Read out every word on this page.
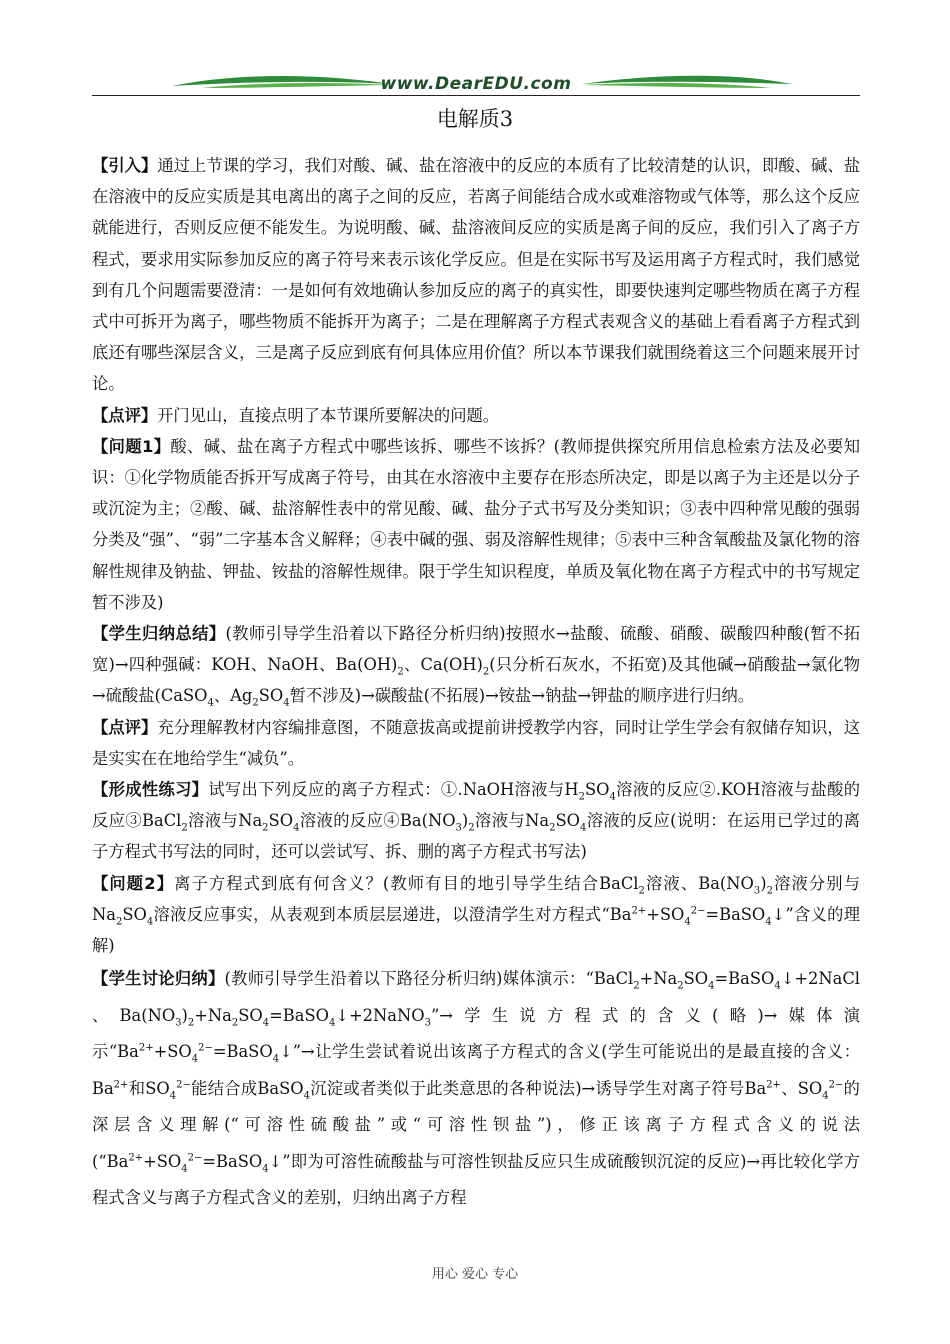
www.DearEDU.com
电解质3

【引入】通过上节课的学习，我们对酸、碱、盐在溶液中的反应的本质有了比较清楚的认识，即酸、碱、盐在溶液中的反应实质是其电离出的离子之间的反应，若离子间能结合成水或难溶物或气体等，那么这个反应就能进行，否则反应便不能发生。为说明酸、碱、盐溶液间反应的实质是离子间的反应，我们引入了离子方程式，要求用实际参加反应的离子符号来表示该化学反应。但是在实际书写及运用离子方程式时，我们感觉到有几个问题需要澄清：一是如何有效地确认参加反应的离子的真实性，即要快速判定哪些物质在离子方程式中可拆开为离子，哪些物质不能拆开为离子；二是在理解离子方程式表观含义的基础上看看离子方程式到底还有哪些深层含义，三是离子反应到底有何具体应用价值？所以本节课我们就围绕着这三个问题来展开讨论。

【点评】开门见山，直接点明了本节课所要解决的问题。

【问题1】酸、碱、盐在离子方程式中哪些该拆、哪些不该拆？(教师提供探究所用信息检索方法及必要知识：①化学物质能否拆开写成离子符号，由其在水溶液中主要存在形态所决定，即是以离子为主还是以分子或沉淀为主；②酸、碱、盐溶解性表中的常见酸、碱、盐分子式书写及分类知识；③表中四种常见酸的强弱分类及“强”、“弱”二字基本含义解释；④表中碱的强、弱及溶解性规律；⑤表中三种含氧酸盐及氯化物的溶解性规律及钠盐、钾盐、铵盐的溶解性规律。限于学生知识程度，单质及氧化物在离子方程式中的书写规定暂不涉及)

【学生归纳总结】(教师引导学生沿着以下路径分析归纳)按照水→盐酸、硫酸、硝酸、碳酸四种酸(暂不拓宽)→四种强碱：KOH、NaOH、$Ba(OH)_2$、$Ca(OH)_2$(只分析石灰水，不拓宽)及其他碱→硝酸盐→氯化物→硫酸盐(CaSO$_4$、$Ag_2SO_4$暂不涉及)→碳酸盐(不拓展)→铵盐→钠盐→钾盐的顺序进行归纳。

【点评】充分理解教材内容编排意图，不随意拔高或提前讲授教学内容，同时让学生学会有叙储存知识，这是实实在在地给学生“减负”。

【形成性练习】试写出下列反应的离子方程式：①.NaOH溶液与$H_2SO_4$溶液的反应②.KOH溶液与盐酸的反应③BaCl$_2$溶液与$Na_2SO_4$溶液的反应$④Ba(NO_3)_2$溶液与$Na_2SO_4$溶液的反应(说明：在运用已学过的离子方程式书写法的同时，还可以尝试写、拆、删的离子方程式书写法)

【问题2】离子方程式到底有何含义？(教师有目的地引导学生结合BaCl$_2$溶液、$Ba(NO_3)_2$溶液分别与$Na_2SO_4$溶液反应事实，从表观到本质层层递进，以澄清学生对方程式“$Ba^{2+}+SO_4^{2-}=BaSO_4↓$”含义的理解)

【学生讨论归纳】(教师引导学生沿着以下路径分析归纳)媒体演示：“$BaCl_2+Na_2SO_4=BaSO_4↓+2NaCl$ 、$Ba(NO_3)_2+Na_2SO_4=BaSO_4↓+2NaNO_3”\to$学生说方程式的含义(略)→媒体演示“$Ba^{2+}+SO_4^{2-}=BaSO_4↓”\to$让学生尝试着说出该离子方程式的含义(学生可能说出的是最直接的含义：$Ba^{2+}$和$SO_4^{2-}$能结合成BaSO$_4$沉淀或者类似于此类意思的各种说法)→诱导学生对离子符号$Ba^{2+}$、$SO_4^{2-}$的深层含义理解(“可溶性硫酸盐”或“可溶性钡盐”)，修正该离子方程式含义的说法(“$Ba^{2+}+SO_4^{2-}=BaSO_4↓$”即为可溶性硫酸盐与可溶性钡盐反应只生成硫酸钡沉淀的反应)→再比较化学方程式含义与离子方程式含义的差别，归纳出离子方程

用心 爱心 专心
